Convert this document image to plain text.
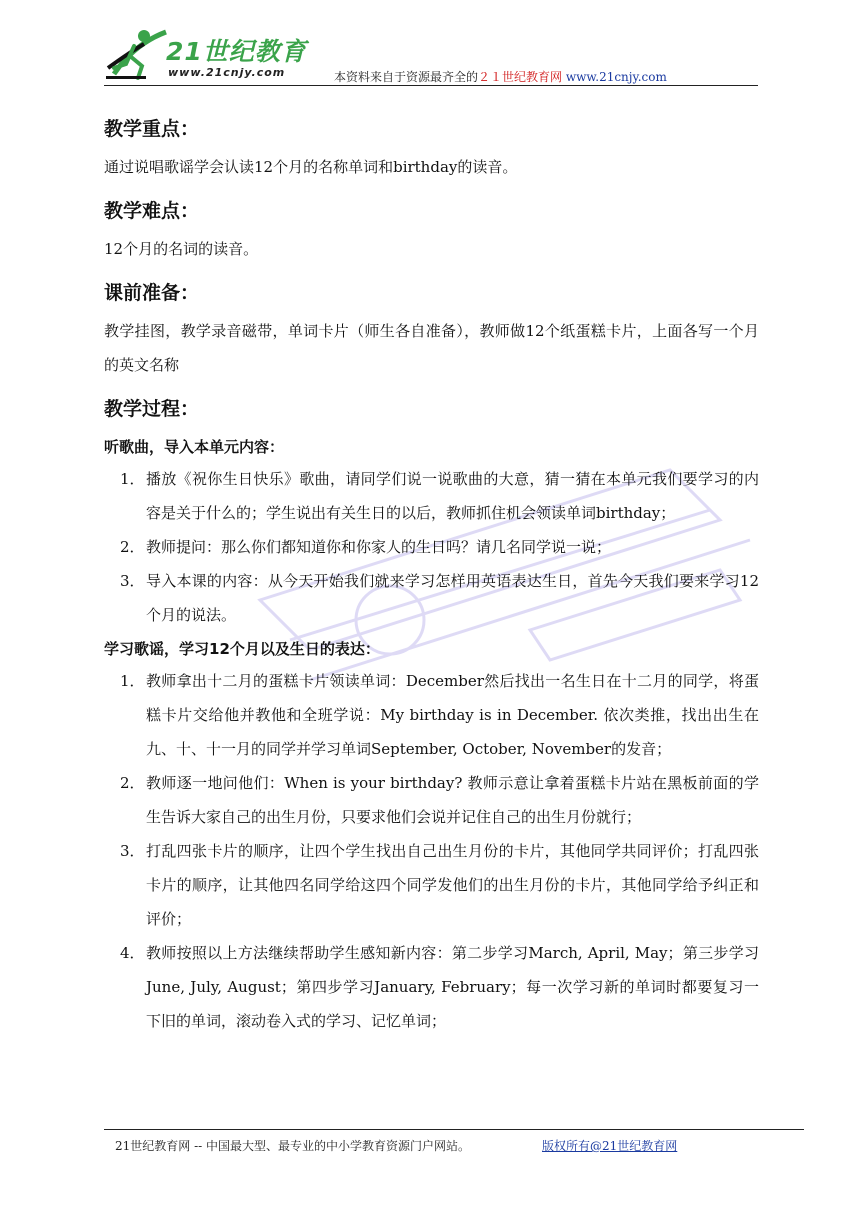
21世纪教育
www.21cnjy.com	本资料来自于资源最齐全的２１世纪教育网 www.21cnjy.com

教学重点：

通过说唱歌谣学会认读12个月的名称单词和birthday的读音。

教学难点：

12个月的名词的读音。

课前准备：

教学挂图，教学录音磁带，单词卡片（师生各自准备），教师做12个纸蛋糕卡片，上面各写一个月的英文名称

教学过程：

听歌曲，导入本单元内容：

1． 播放《祝你生日快乐》歌曲，请同学们说一说歌曲的大意，猜一猜在本单元我们要学习的内容是关于什么的；学生说出有关生日的以后，教师抓住机会领读单词birthday；
2． 教师提问：那么你们都知道你和你家人的生日吗？请几名同学说一说；
3． 导入本课的内容：从今天开始我们就来学习怎样用英语表达生日，首先今天我们要来学习12个月的说法。

学习歌谣，学习12个月以及生日的表达：

1． 教师拿出十二月的蛋糕卡片领读单词：December然后找出一名生日在十二月的同学，将蛋糕卡片交给他并教他和全班学说：My birthday is in December. 依次类推，找出出生在九、十、十一月的同学并学习单词September, October, November的发音；
2． 教师逐一地问他们：When is your birthday? 教师示意让拿着蛋糕卡片站在黑板前面的学生告诉大家自己的出生月份，只要求他们会说并记住自己的出生月份就行；
3． 打乱四张卡片的顺序，让四个学生找出自己出生月份的卡片，其他同学共同评价；打乱四张卡片的顺序，让其他四名同学给这四个同学发他们的出生月份的卡片，其他同学给予纠正和评价；
4． 教师按照以上方法继续帮助学生感知新内容：第二步学习March, April, May；第三步学习June, July, August；第四步学习January, February；每一次学习新的单词时都要复习一下旧的单词，滚动卷入式的学习、记忆单词；
21世纪教育网 -- 中国最大型、最专业的中小学教育资源门户网站。	版权所有@21世纪教育网
